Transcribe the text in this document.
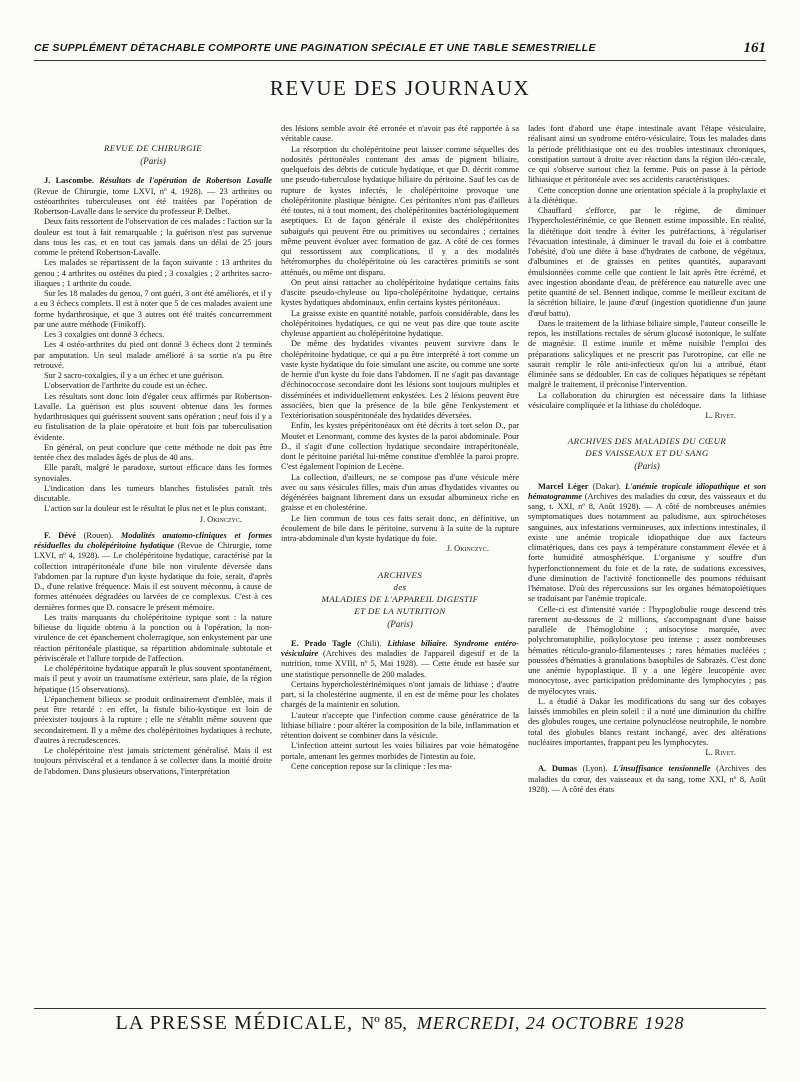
CE SUPPLÉMENT DÉTACHABLE COMPORTE UNE PAGINATION SPÉCIALE ET UNE TABLE SEMESTRIELLE	161
REVUE DES JOURNAUX
REVUE DE CHIRURGIE
(Paris)

J. Lascombe. Résultats de l'opération de Robertson Lavalle (Revue de Chirurgie, tome LXVI, nº 4, 1928). — 23 arthrites ou ostéoarthrites tuberculeuses ont été traitées par l'opération de Robertson-Lavalle dans le service du professeur P. Delbet.

Deux faits ressortent de l'observation de ces malades : l'action sur la douleur est tout à fait remarquable ; la guérison n'est pas survenue dans tous les cas, et en tout cas jamais dans un délai de 25 jours comme le prétend Robertson-Lavalle.

Les malades se répartissent de la façon suivante : 13 arthrites du genou ; 4 arthrites ou ostéites du pied ; 3 coxalgies ; 2 arthrites sacro-iliaques ; 1 arthrite du coude.

Sur les 18 malades du genou, 7 ont guéri, 3 ont été améliorés, et il y a eu 3 échecs complets. Il est à noter que 5 de ces malades avaient une forme hydarthrosique, et que 3 autres ont été traités concurremment par une autre méthode (Finikoff).

Les 3 coxalgies ont donné 3 échecs.

Les 4 ostéo-arthrites du pied ont donné 3 échecs dont 2 terminés par amputation. Un seul malade amélioré à sa sortie n'a pu être retrouvé.

Sur 2 sacro-coxalgies, il y a un échec et une guérison.

L'observation de l'arthrite du coude est un échec.

Les résultats sont donc loin d'égaler ceux affirmés par Robertson-Lavalle. La guérison est plus souvent obtenue dans les formes hydarthrosiques qui guérissent souvent sans opération ; neuf fois il y a eu fistulisation de la plaie opératoire et huit fois par tuberculisation évidente.

En général, on peut conclure que cette méthode ne doit pas être tentée chez des malades âgés de plus de 40 ans.

Elle paraît, malgré le paradoxe, surtout efficace dans les formes synoviales.

L'indication dans les tumeurs blanches fistulisées paraît très discutable.

L'action sur la douleur est le résultat le plus net et le plus constant.

J. Okinczyc.

F. Dévé (Rouen). Modalités anatomo-cliniques et formes résiduelles du cholépéritoine hydatique (Revue de Chirurgie, tome LXVI, nº 4, 1928). — Le cholépéritoine hydatique, caractérisé par la collection intrapéritonéale d'une bile non virulente déversée dans l'abdomen par la rupture d'un kyste hydatique du foie, serait, d'après D., d'une relative fréquence. Mais il est souvent méconnu, à cause de formes atténuées dégradées ou larvées de ce complexus. C'est à ces dernières formes que D. consacre le présent mémoire.

Les traits marquants du cholépéritoine typique sont : la nature bilieuse du liquide obtenu à la ponction ou à l'opération, la non-virulence de cet épanchement cholerragique, son enkystement par une réaction péritonéale plastique, sa répartition abdominale subtotale et périviscérale et l'allure torpide de l'affection.

Le cholépéritoine hydatique apparaît le plus souvent spontanément, mais il peut y avoir un traumatisme extérieur, sans plaie, de la région hépatique (15 observations).

L'épanchement bilieux se produit ordinairement d'emblée, mais il peut être retardé : en effet, la fistule bilio-kystique est loin de préexister toujours à la rupture ; elle ne s'établit même souvent que secondairement. Il y a même des cholépéritoines hydatiques à rechute, d'autres à recrudescences.

Le cholépéritoine n'est jamais strictement généralisé. Mais il est toujours périviscéral et a tendance à se collecter dans la moitié droite de l'abdomen. Dans plusieurs observations, l'interprétation

des lésions semble avoir été erronée et n'avoir pas été rapportée à sa véritable cause.

La résorption du cholépéritoine peut laisser comme séquelles des nodosités péritonéales contenant des amas de pigment biliaire, quelquefois des débris de cuticule hydatique, et que D. décrit comme une pseudo-tuberculose hydatique biliaire du péritoine. Sauf les cas de rupture de kystes infectés, le cholépéritoine provoque une cholépéritonite plastique bénigne. Ces péritonites n'ont pas d'ailleurs été toutes, ni à tout moment, des cholépéritonites bactériologiquement aseptiques. Et de façon générale il existe des cholépéritonites subaiguës qui peuvent être ou primitives ou secondaires ; certaines même peuvent évoluer avec formation de gaz. A côté de ces formes qui ressortissent aux complications, il y a des modalités hétéromorphes du cholépéritoine où les caractères primitifs se sont atténués, ou même ont disparu.

On peut ainsi rattacher au cholépéritoine hydatique certains faits d'ascite pseudo-chyleuse ou lipo-cholépéritoine hydatique, certains kystes hydatiques abdominaux, enfin certains kystes péritonéaux.

La graisse existe en quantité notable, parfois considérable, dans les cholépéritoines hydatiques, ce qui ne veut pas dire que toute ascite chyleuse appartient au cholépéritoine hydatique.

De même des hydatides vivantes peuvent survivre dans le cholépéritoine hydatique, ce qui a pu être interprété à tort comme un vaste kyste hydatique du foie simulant une ascite, ou comme une sorte de hernie d'un kyste du foie dans l'abdomen. Il ne s'agit pas davantage d'échinococcose secondaire dont les lésions sont toujours multiples et disséminées et individuellement enkystées. Les 2 lésions peuvent être associées, bien que la présence de la bile gêne l'enkystement et l'extériorisation souspéritonéale des hydatides déversées.

Enfin, les kystes prépéritonéaux ont été décrits à tort selon D., par Moutet et Lenormant, comme des kystes de la paroi abdominale. Pour D., il s'agit d'une collection hydatique secondaire intrapéritonéale, dont le péritoine pariétal lui-même constitue d'emblée la paroi propre. C'est également l'opinion de Lecène.

La collection, d'ailleurs, ne se compose pas d'une vésicule mère avec ou sans vésicules filles, mais d'un amas d'hydatides vivantes ou dégénérées baignant librement dans un exsudat albumineux riche en graisse et en cholestérine.

Le lien commun de tous ces faits serait donc, en définitive, un écoulement de bile dans le péritoine, survenu à la suite de la rupture intra-abdominale d'un kyste hydatique du foie.

J. Okinczyc.
ARCHIVES
des
MALADIES DE L'APPAREIL DIGESTIF
ET DE LA NUTRITION
(Paris)

E. Prado Tagle (Chili). Lithiase biliaire. Syndrome entéro-vésiculaire (Archives des maladies de l'appareil digestif et de la nutrition, tome XVIII, nº 5, Mai 1928). — Cette étude est basée sur une statistique personnelle de 200 malades.

Certains hypercholestérinémiques n'ont jamais de lithiase ; d'autre part, si la cholestérine augmente, il en est de même pour les cholates chargés de la maintenir en solution.

L'auteur n'accepte que l'infection comme cause génératrice de la lithiase biliaire : pour altérer la composition de la bile, inflammation et rétention doivent se combiner dans la vésicule.

L'infection atteint surtout les voies biliaires par voie hématogène portale, amenant les germes morbides de l'intestin au foie.

Cette conception repose sur la clinique : les ma-

lades font d'abord une étape intestinale avant l'étape vésiculaire, réalisant ainsi un syndrome entéro-vésiculaire. Tous les malades dans la période prélithiasique ont eu des troubles intestinaux chroniques, constipation surtout à droite avec réaction dans la région iléo-cæcale, ce qui s'observe surtout chez la femme. Puis on passe à la période lithiasique et péritonéale avec ses accidents caractéristiques.

Cette conception donne une orientation spéciale à la prophylaxie et à la diététique.

Chauffard s'efforce, par le régime, de diminuer l'hypercholestérinémie, ce que Bennett estime impossible. En réalité, la diététique doit tendre à éviter les putréfactions, à régulariser l'évacuation intestinale, à diminuer le travail du foie et à combattre l'obésité, d'où une diète à base d'hydrates de carbone, de végétaux, d'albumines et de graisses en petites quantités, auparavant émulsionnées comme celle que contient le lait après être écrémé, et avec ingestion abondante d'eau, de préférence eau naturelle avec une petite quantité de sel. Bennett indique, comme le meilleur excitant de la sécrétion biliaire, le jaune d'œuf (ingestion quotidienne d'un jaune d'œuf battu).

Dans le traitement de la lithiase biliaire simple, l'auteur conseille le repos, les instillations rectales de sérum glucosé isotonique, le sulfate de magnésie. Il estime inutile et même nuisible l'emploi des préparations salicyliques et ne prescrit pas l'urotropine, car elle ne saurait remplir le rôle anti-infectieux qu'on lui a attribué, étant éliminée sans se dédoubler. En cas de coliques hépatiques se répétant malgré le traitement, il préconise l'intervention.

La collaboration du chirurgien est nécessaire dans la lithiase vésiculaire compliquée et la lithiase du cholédoque.

L. Rivet.
ARCHIVES DES MALADIES DU CŒUR
DES VAISSEAUX ET DU SANG
(Paris)

Marcel Léger (Dakar). L'anémie tropicale idiopathique et son hématogramme (Archives des maladies du cœur, des vaisseaux et du sang, t. XXI, nº 8, Août 1928). — A côté de nombreuses anémies symptomatiques dues notamment au paludisme, aux spirochétoses sanguines, aux infestations vermineuses, aux infections intestinales, il existe une anémie tropicale idiopathique due aux facteurs climatériques, dans ces pays à température constamment élevée et à forte humidité atmosphérique. L'organisme y souffre d'un hyperfonctionnement du foie et de la rate, de sudations excessives, d'une diminution de l'activité fonctionnelle des poumons réduisant l'hématose. D'où des répercussions sur les organes hématopoïétiques se traduisant par l'anémie tropicale.

Celle-ci est d'intensité variée : l'hypoglobulie rouge descend très rarement au-dessous de 2 millions, s'accompagnant d'une baisse parallèle de l'hémoglobine ; anisocytose marquée, avec polychromatophilie, poïkylocytose peu intense ; assez nombreuses hématies réticulo-granulo-filamenteuses ; rares hématies nucléées ; poussées d'hématies à granulations basophiles de Sabrazès. C'est donc une anémie hypoplastique. Il y a une légère leucopénie avec monocytose, avec participation prédominante des lymphocytes ; pas de myélocytes vrais.

L. a étudié à Dakar les modifications du sang sur des cobayes laissés immobiles en plein soleil : il a noté une diminution du chiffre des globules rouges, une certaine polynucléose neutrophile, le nombre total des globules blancs restant inchangé, avec des altérations nucléaires importantes, frappant peu les lymphocytes.

L. Rivet.

A. Dumas (Lyon). L'insuffisance tensionnelle (Archives des maladies du cœur, des vaisseaux et du sang, tome XXI, nº 8, Août 1928). — A côté des états

LA PRESSE MÉDICALE, Nº 85, MERCREDI, 24 OCTOBRE 1928
